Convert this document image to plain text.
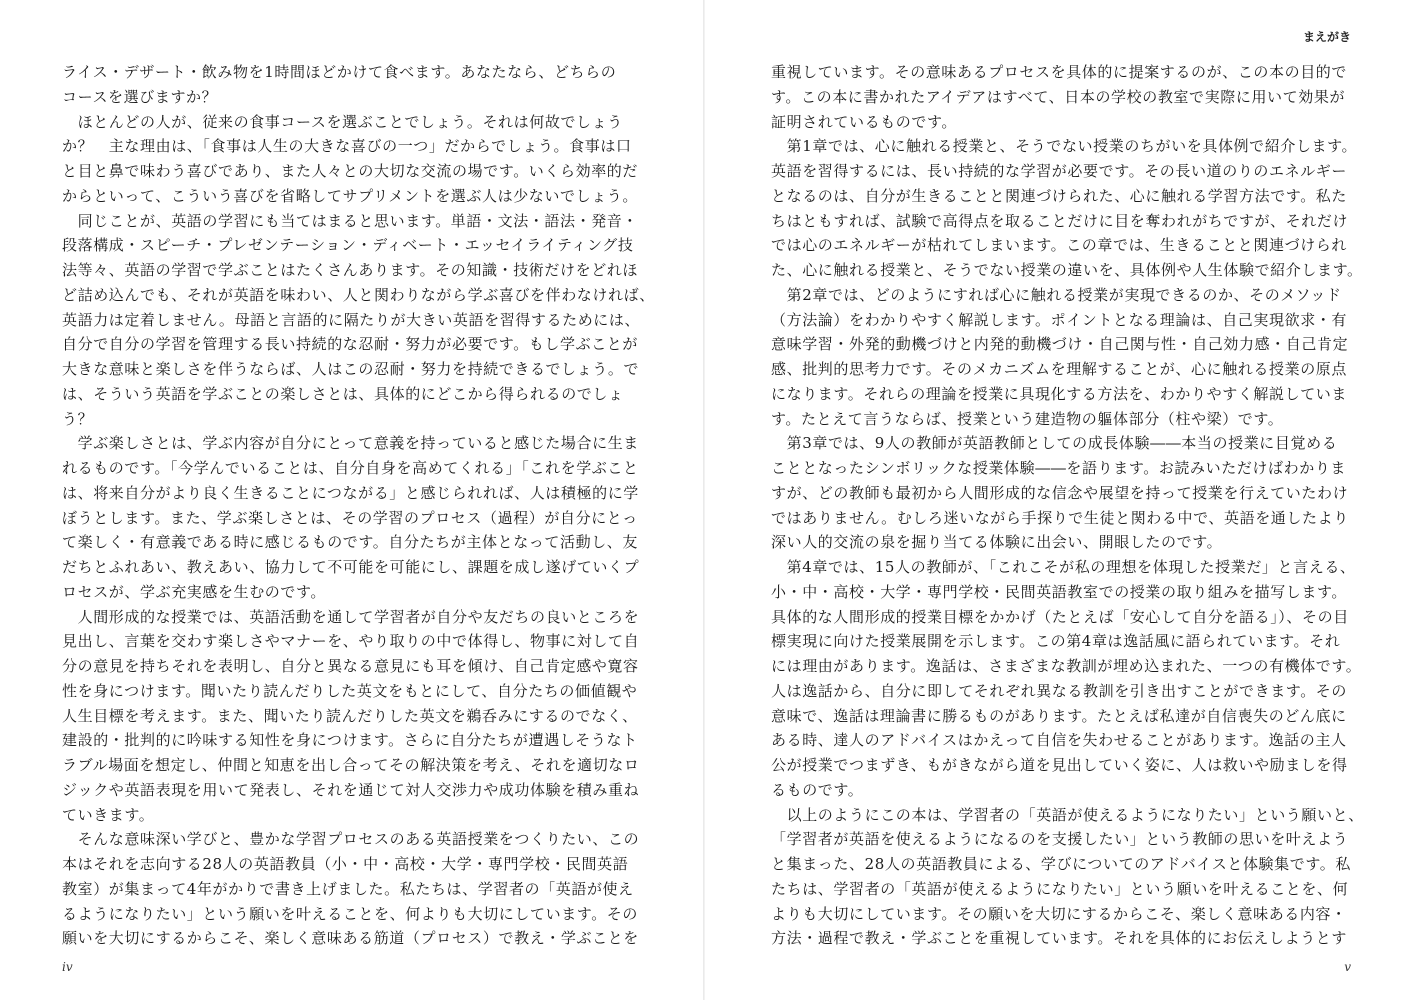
ライス・デザート・飲み物を1時間ほどかけて食べます。あなたなら、どちらの
コースを選びますか？
　ほとんどの人が、従来の食事コースを選ぶことでしょう。それは何故でしょう
か？　主な理由は、「食事は人生の大きな喜びの一つ」だからでしょう。食事は口
と目と鼻で味わう喜びであり、また人々との大切な交流の場です。いくら効率的だ
からといって、こういう喜びを省略してサプリメントを選ぶ人は少ないでしょう。
　同じことが、英語の学習にも当てはまると思います。単語・文法・語法・発音・
段落構成・スピーチ・プレゼンテーション・ディベート・エッセイライティング技
法等々、英語の学習で学ぶことはたくさんあります。その知識・技術だけをどれほ
ど詰め込んでも、それが英語を味わい、人と関わりながら学ぶ喜びを伴わなければ、
英語力は定着しません。母語と言語的に隔たりが大きい英語を習得するためには、
自分で自分の学習を管理する長い持続的な忍耐・努力が必要です。もし学ぶことが
大きな意味と楽しさを伴うならば、人はこの忍耐・努力を持続できるでしょう。で
は、そういう英語を学ぶことの楽しさとは、具体的にどこから得られるのでしょ
う？
　学ぶ楽しさとは、学ぶ内容が自分にとって意義を持っていると感じた場合に生ま
れるものです。「今学んでいることは、自分自身を高めてくれる」「これを学ぶこと
は、将来自分がより良く生きることにつながる」と感じられれば、人は積極的に学
ぼうとします。また、学ぶ楽しさとは、その学習のプロセス（過程）が自分にとっ
て楽しく・有意義である時に感じるものです。自分たちが主体となって活動し、友
だちとふれあい、教えあい、協力して不可能を可能にし、課題を成し遂げていくプ
ロセスが、学ぶ充実感を生むのです。
　人間形成的な授業では、英語活動を通して学習者が自分や友だちの良いところを
見出し、言葉を交わす楽しさやマナーを、やり取りの中で体得し、物事に対して自
分の意見を持ちそれを表明し、自分と異なる意見にも耳を傾け、自己肯定感や寛容
性を身につけます。聞いたり読んだりした英文をもとにして、自分たちの価値観や
人生目標を考えます。また、聞いたり読んだりした英文を鵜呑みにするのでなく、
建設的・批判的に吟味する知性を身につけます。さらに自分たちが遭遇しそうなト
ラブル場面を想定し、仲間と知恵を出し合ってその解決策を考え、それを適切なロ
ジックや英語表現を用いて発表し、それを通じて対人交渉力や成功体験を積み重ね
ていきます。
　そんな意味深い学びと、豊かな学習プロセスのある英語授業をつくりたい、この
本はそれを志向する28人の英語教員（小・中・高校・大学・専門学校・民間英語
教室）が集まって4年がかりで書き上げました。私たちは、学習者の「英語が使え
るようになりたい」という願いを叶えることを、何よりも大切にしています。その
願いを大切にするからこそ、楽しく意味ある筋道（プロセス）で教え・学ぶことを
iv
まえがき
重視しています。その意味あるプロセスを具体的に提案するのが、この本の目的で
す。この本に書かれたアイデアはすべて、日本の学校の教室で実際に用いて効果が
証明されているものです。
　第1章では、心に触れる授業と、そうでない授業のちがいを具体例で紹介します。
英語を習得するには、長い持続的な学習が必要です。その長い道のりのエネルギー
となるのは、自分が生きることと関連づけられた、心に触れる学習方法です。私た
ちはともすれば、試験で高得点を取ることだけに目を奪われがちですが、それだけ
では心のエネルギーが枯れてしまいます。この章では、生きることと関連づけられ
た、心に触れる授業と、そうでない授業の違いを、具体例や人生体験で紹介します。
　第2章では、どのようにすれば心に触れる授業が実現できるのか、そのメソッド
（方法論）をわかりやすく解説します。ポイントとなる理論は、自己実現欲求・有
意味学習・外発的動機づけと内発的動機づけ・自己関与性・自己効力感・自己肯定
感、批判的思考力です。そのメカニズムを理解することが、心に触れる授業の原点
になります。それらの理論を授業に具現化する方法を、わかりやすく解説していま
す。たとえて言うならば、授業という建造物の軀体部分（柱や梁）です。
　第3章では、9人の教師が英語教師としての成長体験――本当の授業に目覚める
こととなったシンボリックな授業体験――を語ります。お読みいただけばわかりま
すが、どの教師も最初から人間形成的な信念や展望を持って授業を行えていたわけ
ではありません。むしろ迷いながら手探りで生徒と関わる中で、英語を通したより
深い人的交流の泉を掘り当てる体験に出会い、開眼したのです。
　第4章では、15人の教師が、「これこそが私の理想を体現した授業だ」と言える、
小・中・高校・大学・専門学校・民間英語教室での授業の取り組みを描写します。
具体的な人間形成的授業目標をかかげ（たとえば「安心して自分を語る」）、その目
標実現に向けた授業展開を示します。この第4章は逸話風に語られています。それ
には理由があります。逸話は、さまざまな教訓が埋め込まれた、一つの有機体です。
人は逸話から、自分に即してそれぞれ異なる教訓を引き出すことができます。その
意味で、逸話は理論書に勝るものがあります。たとえば私達が自信喪失のどん底に
ある時、達人のアドバイスはかえって自信を失わせることがあります。逸話の主人
公が授業でつまずき、もがきながら道を見出していく姿に、人は救いや励ましを得
るものです。
　以上のようにこの本は、学習者の「英語が使えるようになりたい」という願いと、
「学習者が英語を使えるようになるのを支援したい」という教師の思いを叶えよう
と集まった、28人の英語教員による、学びについてのアドバイスと体験集です。私
たちは、学習者の「英語が使えるようになりたい」という願いを叶えることを、何
よりも大切にしています。その願いを大切にするからこそ、楽しく意味ある内容・
方法・過程で教え・学ぶことを重視しています。それを具体的にお伝えしようとす
v
